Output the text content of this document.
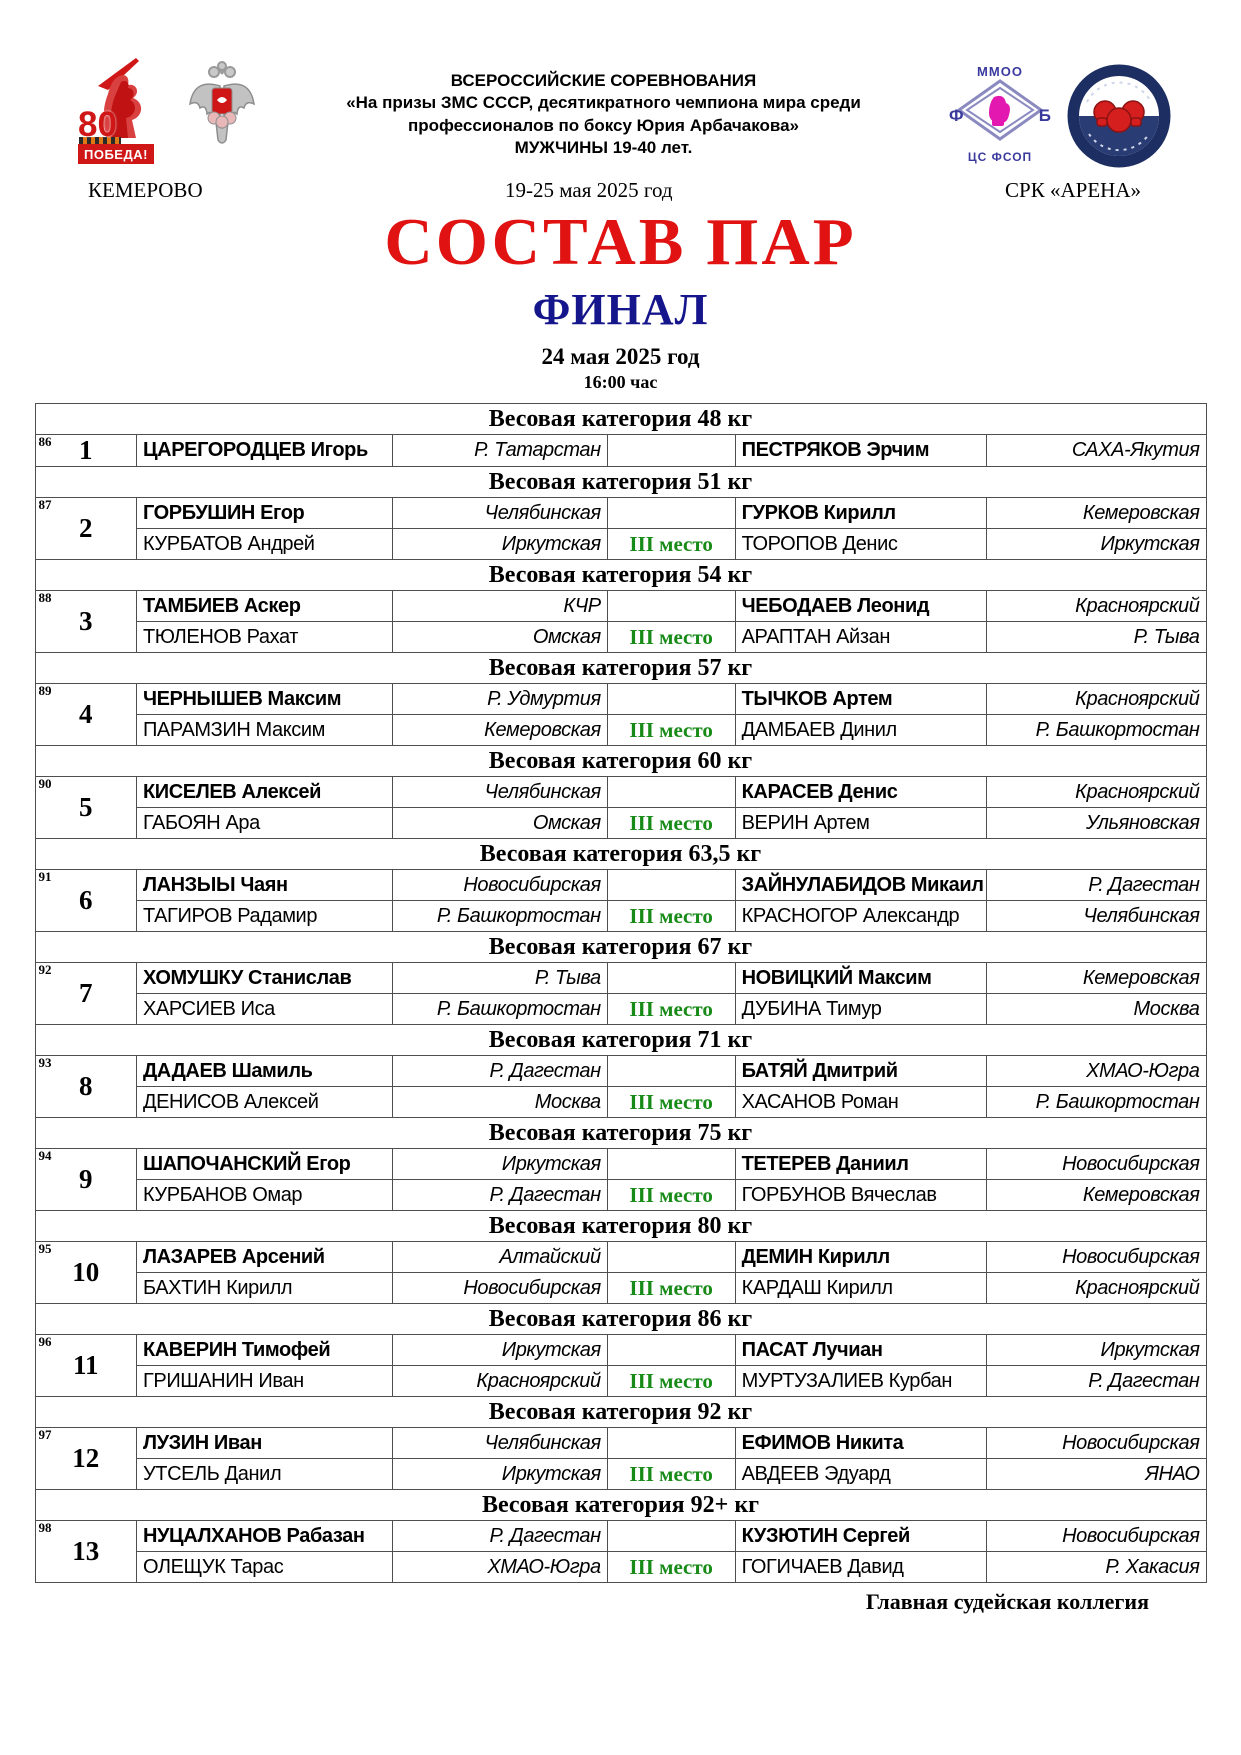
80
ПОБЕДА!
ВСЕРОССИЙСКИЕ СОРЕВНОВАНИЯ
«На призы ЗМС СССР, десятикратного чемпиона мира среди
профессионалов по боксу Юрия Арбачакова»
МУЖЧИНЫ 19-40 лет.
ММОО
Ф	Б
ЦС ФСОП
КЕМЕРОВО	19-25 мая 2025 год	СРК «АРЕНА»
СОСТАВ ПАР
ФИНАЛ
24 мая 2025 год
16:00 час
Весовая категория 48 кг					

86 1	ЦАРЕГОРОДЦЕВ Игорь	Р. Татарстан		ПЕСТРЯКОВ Эрчим	САХА-Якутия
Весовая категория 51 кг					

87
2	ГОРБУШИН Егор	Челябинская		ГУРКОВ Кирилл	Кемеровская
	КУРБАТОВ Андрей	Иркутская	III место	ТОРОПОВ Денис	Иркутская
Весовая категория 54 кг					

88
3	ТАМБИЕВ Аскер	КЧР		ЧЕБОДАЕВ Леонид	Красноярский
	ТЮЛЕНОВ Рахат	Омская	III место	АРАПТАН Айзан	Р. Тыва
Весовая категория 57 кг					

89
4	ЧЕРНЫШЕВ Максим	Р. Удмуртия		ТЫЧКОВ Артем	Красноярский
	ПАРАМЗИН Максим	Кемеровская	III место	ДАМБАЕВ Динил	Р. Башкортостан
Весовая категория 60 кг					

90
5	КИСЕЛЕВ Алексей	Челябинская		КАРАСЕВ Денис	Красноярский
	ГАБОЯН Ара	Омская	III место	ВЕРИН Артем	Ульяновская
Весовая категория 63,5 кг					

91
6	ЛАНЗЫЫ Чаян	Новосибирская		ЗАЙНУЛАБИДОВ Микаил	Р. Дагестан
	ТАГИРОВ Радамир	Р. Башкортостан	III место	КРАСНОГОР Александр	Челябинская
Весовая категория 67 кг					

92
7	ХОМУШКУ Станислав	Р. Тыва		НОВИЦКИЙ Максим	Кемеровская
	ХАРСИЕВ Иса	Р. Башкортостан	III место	ДУБИНА Тимур	Москва
Весовая категория 71 кг					

93
8	ДАДАЕВ Шамиль	Р. Дагестан		БАТЯЙ Дмитрий	ХМАО-Югра
	ДЕНИСОВ Алексей	Москва	III место	ХАСАНОВ Роман	Р. Башкортостан
Весовая категория 75 кг					

94
9	ШАПОЧАНСКИЙ Егор	Иркутская		ТЕТЕРЕВ Даниил	Новосибирская
	КУРБАНОВ Омар	Р. Дагестан	III место	ГОРБУНОВ Вячеслав	Кемеровская
Весовая категория 80 кг					

95
10	ЛАЗАРЕВ Арсений	Алтайский		ДЕМИН Кирилл	Новосибирская
	БАХТИН Кирилл	Новосибирская	III место	КАРДАШ Кирилл	Красноярский
Весовая категория 86 кг					

96
11	КАВЕРИН Тимофей	Иркутская		ПАСАТ Лучиан	Иркутская
	ГРИШАНИН Иван	Красноярский	III место	МУРТУЗАЛИЕВ Курбан	Р. Дагестан
Весовая категория 92 кг					

97
12	ЛУЗИН Иван	Челябинская		ЕФИМОВ Никита	Новосибирская
	УТСЕЛЬ Данил	Иркутская	III место	АВДЕЕВ Эдуард	ЯНАО
Весовая категория 92+ кг					

98
13	НУЦАЛХАНОВ Рабазан	Р. Дагестан		КУЗЮТИН Сергей	Новосибирская
	ОЛЕЩУК Тарас	ХМАО-Югра	III место	ГОГИЧАЕВ Давид	Р. Хакасия
Главная судейская коллегия
